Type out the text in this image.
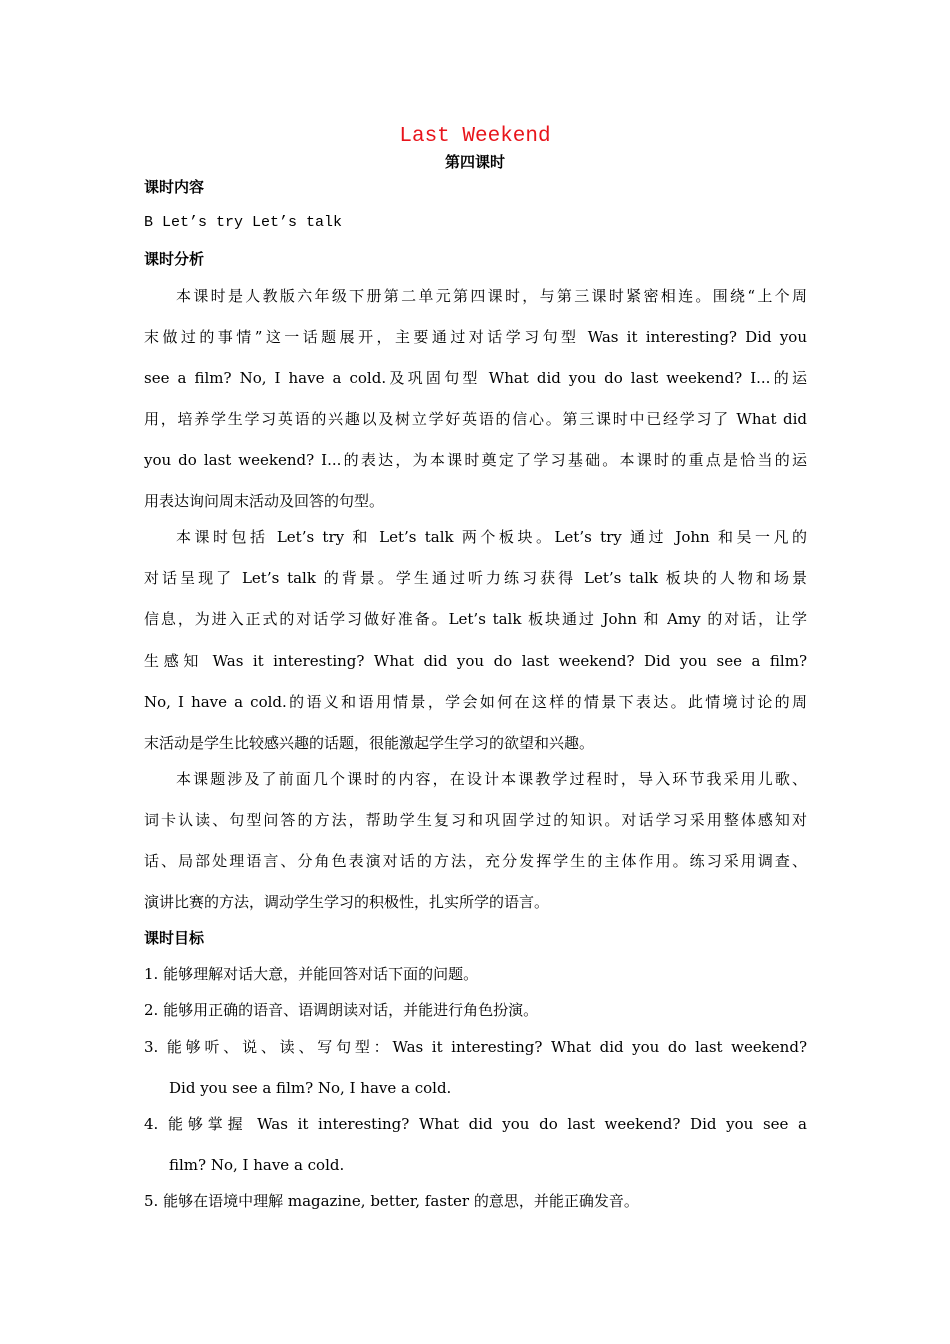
Last Weekend
第四课时
课时内容
B Let’s try Let’s talk
课时分析
本课时是人教版六年级下册第二单元第四课时，与第三课时紧密相连。围绕“上个周
末做过的事情”这一话题展开，主要通过对话学习句型 Was it interesting? Did you
see a film? No, I have a cold.及巩固句型 What did you do last weekend? I...的运
用，培养学生学习英语的兴趣以及树立学好英语的信心。第三课时中已经学习了 What did
you do last weekend? I...的表达，为本课时奠定了学习基础。本课时的重点是恰当的运
用表达询问周末活动及回答的句型。
本课时包括 Let’s try 和 Let’s talk 两个板块。Let’s try 通过 John 和吴一凡的
对话呈现了 Let’s talk 的背景。学生通过听力练习获得 Let’s talk 板块的人物和场景
信息，为进入正式的对话学习做好准备。Let’s talk 板块通过 John 和 Amy 的对话，让学
生感知 Was it interesting? What did you do last weekend? Did you see a film?
No, I have a cold.的语义和语用情景，学会如何在这样的情景下表达。此情境讨论的周
末活动是学生比较感兴趣的话题，很能激起学生学习的欲望和兴趣。
本课题涉及了前面几个课时的内容，在设计本课教学过程时，导入环节我采用儿歌、
词卡认读、句型问答的方法，帮助学生复习和巩固学过的知识。对话学习采用整体感知对
话、局部处理语言、分角色表演对话的方法，充分发挥学生的主体作用。练习采用调查、
演讲比赛的方法，调动学生学习的积极性，扎实所学的语言。
课时目标
1. 能够理解对话大意，并能回答对话下面的问题。
2. 能够用正确的语音、语调朗读对话，并能进行角色扮演。
3. 能够听、说、读、写句型：Was it interesting? What did you do last weekend?
Did you see a film? No, I have a cold.
4. 能够掌握 Was it interesting? What did you do last weekend? Did you see a
film? No, I have a cold.
5. 能够在语境中理解 magazine, better, faster 的意思，并能正确发音。
